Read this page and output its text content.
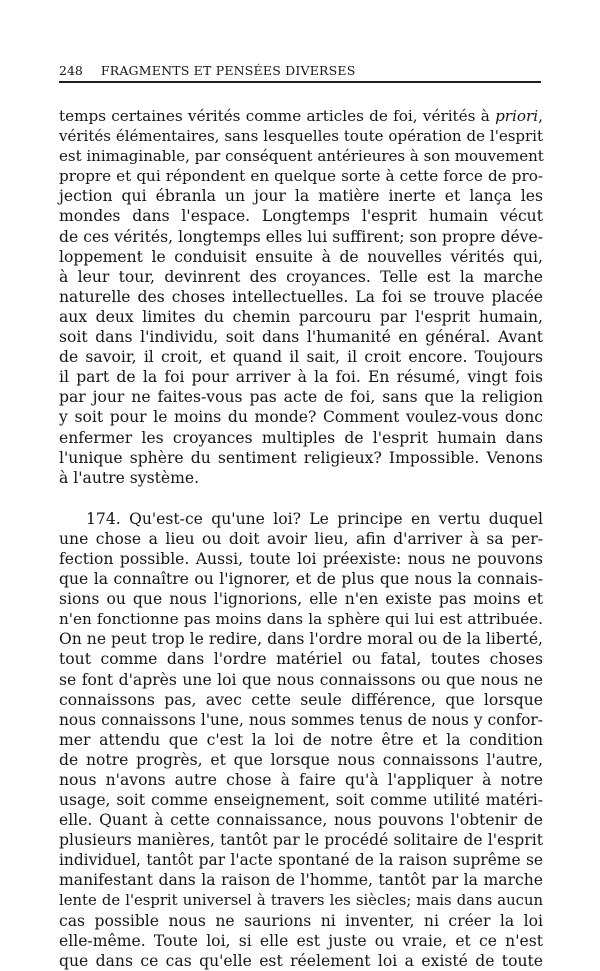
248 FRAGMENTS ET PENSÉES DIVERSES
temps certaines vérités comme articles de foi, vérités à priori,
vérités élémentaires, sans lesquelles toute opération de l'esprit
est inimaginable, par conséquent antérieures à son mouvement
propre et qui répondent en quelque sorte à cette force de pro-
jection qui ébranla un jour la matière inerte et lança les
mondes dans l'espace. Longtemps l'esprit humain vécut
de ces vérités, longtemps elles lui suffirent; son propre déve-
loppement le conduisit ensuite à de nouvelles vérités qui,
à leur tour, devinrent des croyances. Telle est la marche
naturelle des choses intellectuelles. La foi se trouve placée
aux deux limites du chemin parcouru par l'esprit humain,
soit dans l'individu, soit dans l'humanité en général. Avant
de savoir, il croit, et quand il sait, il croit encore. Toujours
il part de la foi pour arriver à la foi. En résumé, vingt fois
par jour ne faites-vous pas acte de foi, sans que la religion
y soit pour le moins du monde? Comment voulez-vous donc
enfermer les croyances multiples de l'esprit humain dans
l'unique sphère du sentiment religieux? Impossible. Venons
à l'autre système.
174. Qu'est-ce qu'une loi? Le principe en vertu duquel
une chose a lieu ou doit avoir lieu, afin d'arriver à sa per-
fection possible. Aussi, toute loi préexiste: nous ne pouvons
que la connaître ou l'ignorer, et de plus que nous la connais-
sions ou que nous l'ignorions, elle n'en existe pas moins et
n'en fonctionne pas moins dans la sphère qui lui est attribuée.
On ne peut trop le redire, dans l'ordre moral ou de la liberté,
tout comme dans l'ordre matériel ou fatal, toutes choses
se font d'après une loi que nous connaissons ou que nous ne
connaissons pas, avec cette seule différence, que lorsque
nous connaissons l'une, nous sommes tenus de nous y confor-
mer attendu que c'est la loi de notre être et la condition
de notre progrès, et que lorsque nous connaissons l'autre,
nous n'avons autre chose à faire qu'à l'appliquer à notre
usage, soit comme enseignement, soit comme utilité matéri-
elle. Quant à cette connaissance, nous pouvons l'obtenir de
plusieurs manières, tantôt par le procédé solitaire de l'esprit
individuel, tantôt par l'acte spontané de la raison suprême se
manifestant dans la raison de l'homme, tantôt par la marche
lente de l'esprit universel à travers les siècles; mais dans aucun
cas possible nous ne saurions ni inventer, ni créer la loi
elle-même. Toute loi, si elle est juste ou vraie, et ce n'est
que dans ce cas qu'elle est réelement loi a existé de toute
